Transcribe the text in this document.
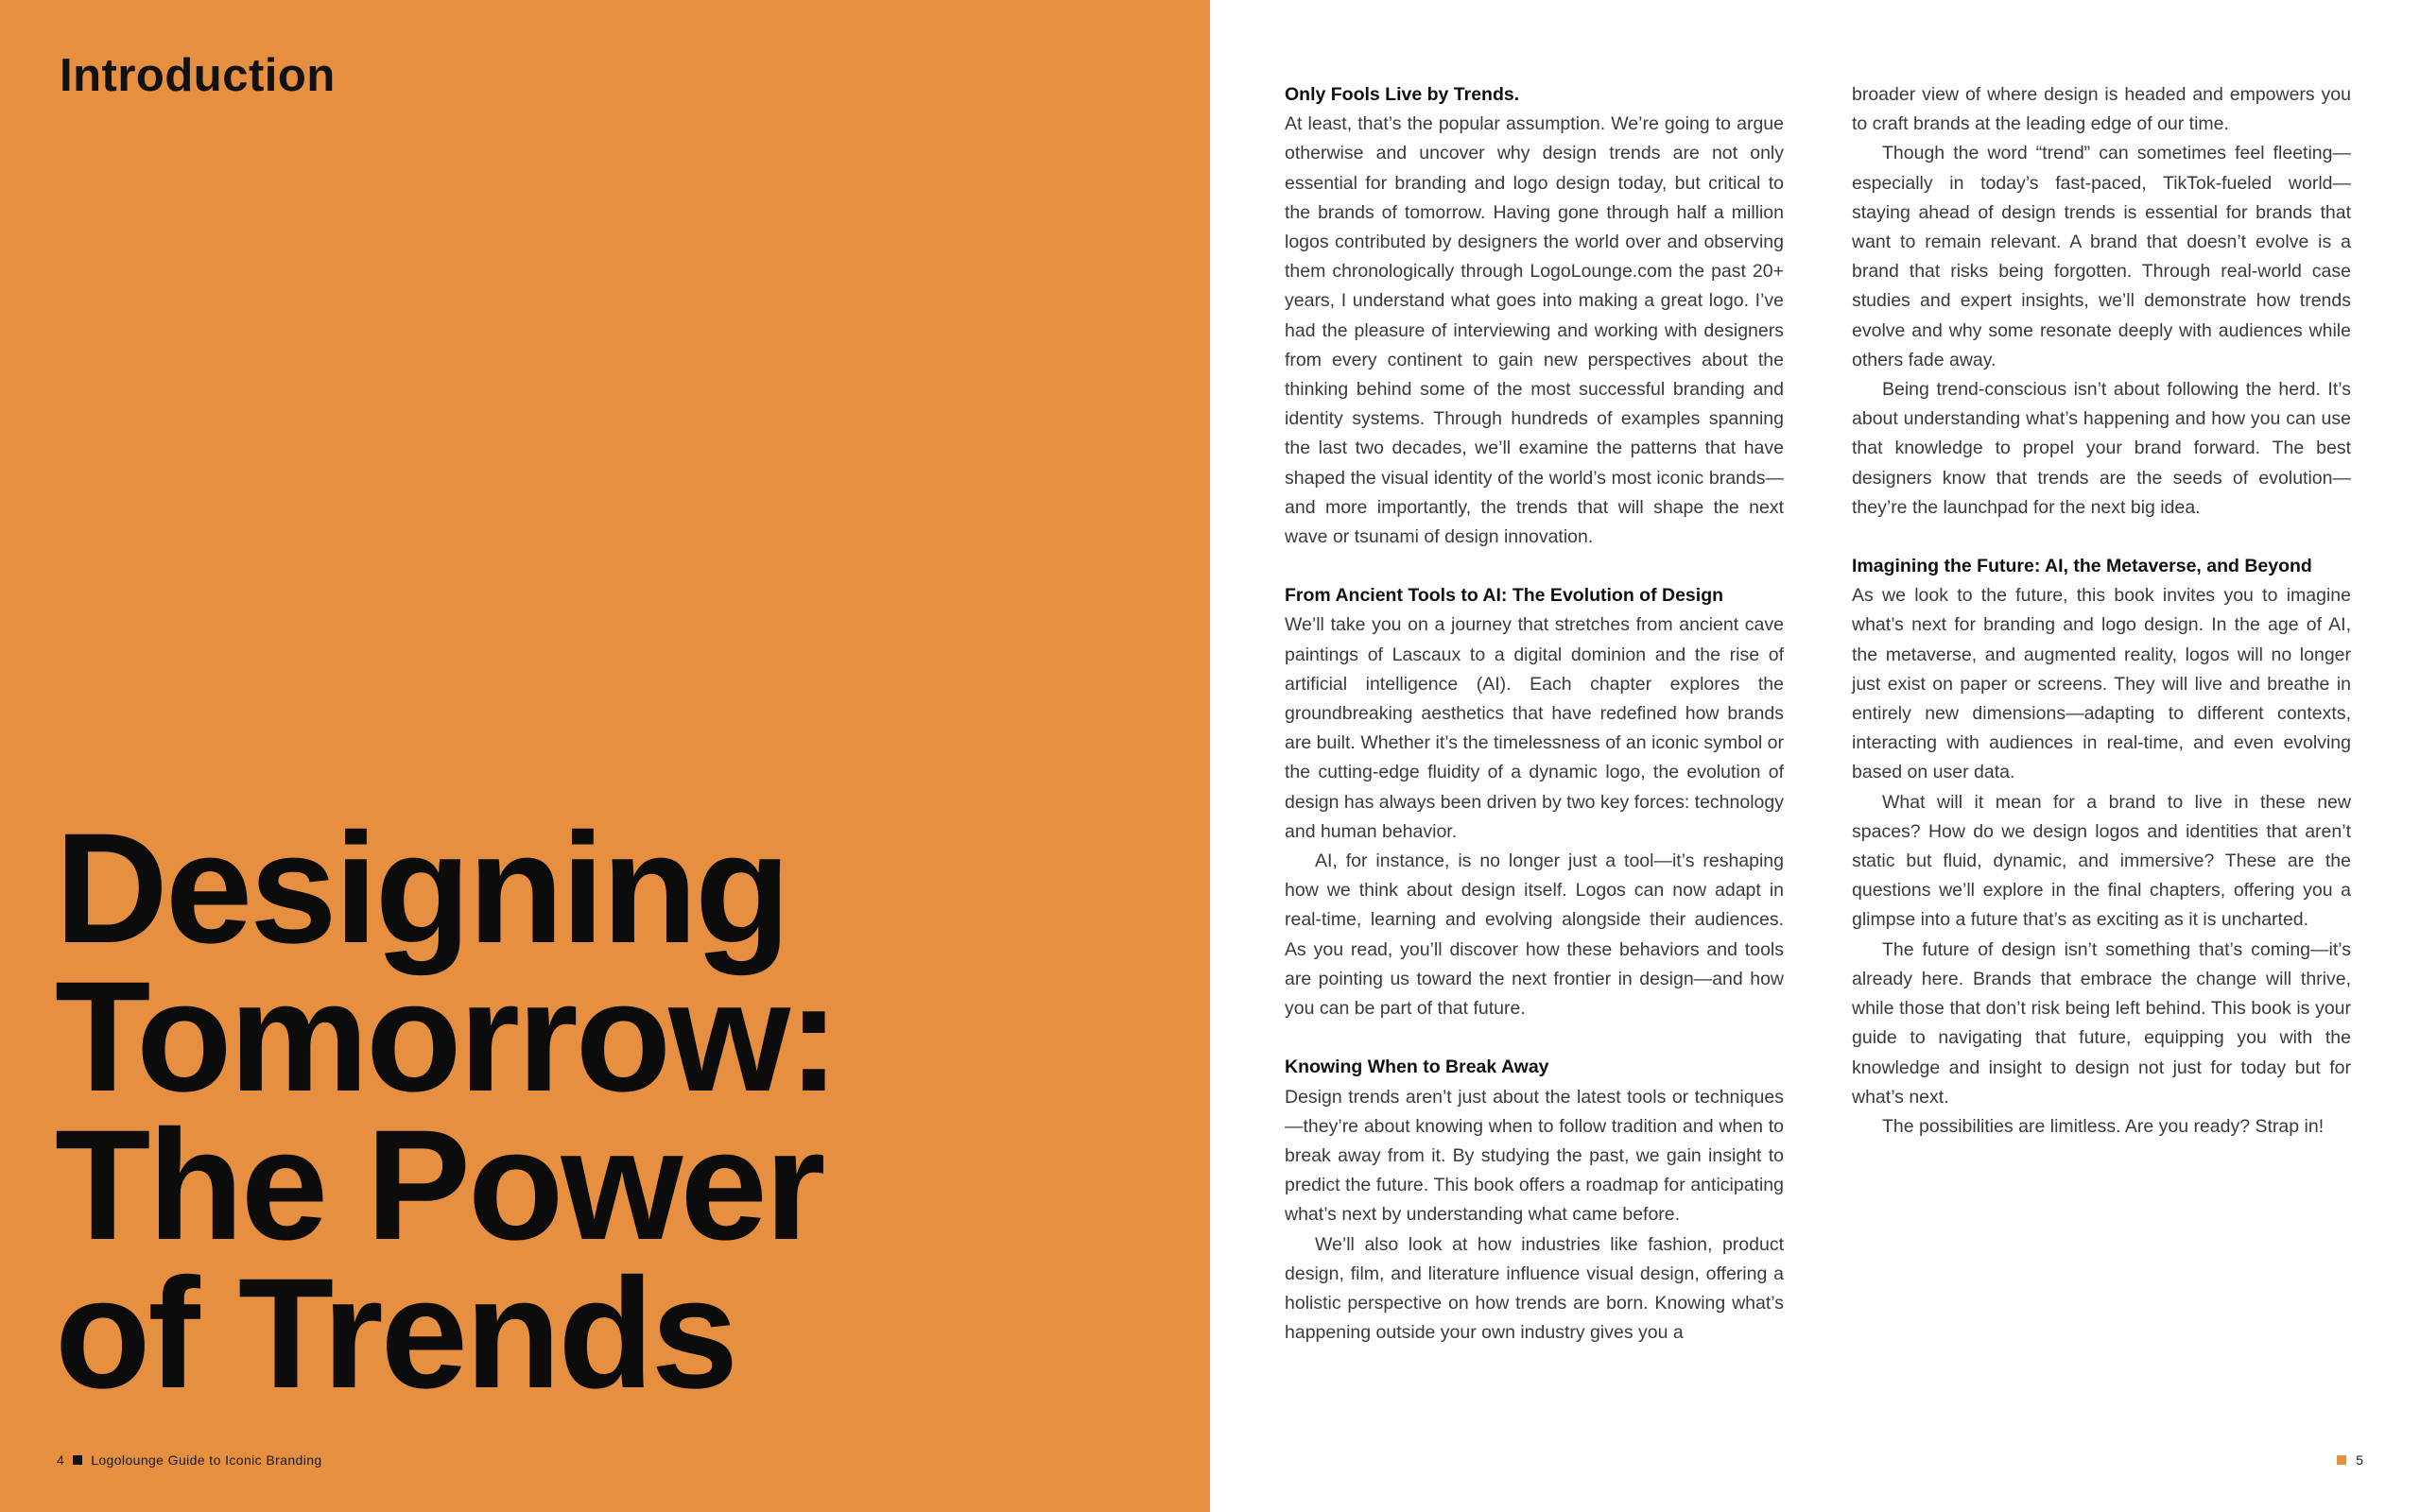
Introduction
Designing
Tomorrow:
The Power
of Trends
4 Logolounge Guide to Iconic Branding
Only Fools Live by Trends.

At least, that’s the popular assumption. We’re going to argue otherwise and uncover why design trends are not only essential for branding and logo design today, but critical to the brands of tomorrow. Having gone through half a million logos contributed by designers the world over and observing them chronologically through LogoLounge.com the past 20+ years, I understand what goes into making a great logo. I’ve had the pleasure of interviewing and working with designers from every continent to gain new perspectives about the thinking behind some of the most successful branding and identity systems. Through hundreds of examples spanning the last two decades, we’ll examine the patterns that have shaped the visual identity of the world’s most iconic brands—and more importantly, the trends that will shape the next wave or tsunami of design innovation.

From Ancient Tools to AI: The Evolution of Design

We’ll take you on a journey that stretches from ancient cave paintings of Lascaux to a digital dominion and the rise of artificial intelligence (AI). Each chapter explores the groundbreaking aesthetics that have redefined how brands are built. Whether it’s the timelessness of an iconic symbol or the cutting-edge fluidity of a dynamic logo, the evolution of design has always been driven by two key forces: technology and human behavior.

AI, for instance, is no longer just a tool—it’s reshaping how we think about design itself. Logos can now adapt in real-time, learning and evolving alongside their audiences. As you read, you’ll discover how these behaviors and tools are pointing us toward the next frontier in design—and how you can be part of that future.

Knowing When to Break Away

Design trends aren’t just about the latest tools or techniques—they’re about knowing when to follow tradition and when to break away from it. By studying the past, we gain insight to predict the future. This book offers a roadmap for anticipating what’s next by understanding what came before.

We’ll also look at how industries like fashion, product design, film, and literature influence visual design, offering a holistic perspective on how trends are born. Knowing what’s happening outside your own industry gives you a

broader view of where design is headed and empowers you to craft brands at the leading edge of our time.

Though the word “trend” can sometimes feel fleeting—especially in today’s fast-paced, TikTok-fueled world—staying ahead of design trends is essential for brands that want to remain relevant. A brand that doesn’t evolve is a brand that risks being forgotten. Through real-world case studies and expert insights, we’ll demonstrate how trends evolve and why some resonate deeply with audiences while others fade away.

Being trend-conscious isn’t about following the herd. It’s about understanding what’s happening and how you can use that knowledge to propel your brand forward. The best designers know that trends are the seeds of evolution—they’re the launchpad for the next big idea.

Imagining the Future: AI, the Metaverse, and Beyond

As we look to the future, this book invites you to imagine what’s next for branding and logo design. In the age of AI, the metaverse, and augmented reality, logos will no longer just exist on paper or screens. They will live and breathe in entirely new dimensions—adapting to different contexts, interacting with audiences in real-time, and even evolving based on user data.

What will it mean for a brand to live in these new spaces? How do we design logos and identities that aren’t static but fluid, dynamic, and immersive? These are the questions we’ll explore in the final chapters, offering you a glimpse into a future that’s as exciting as it is uncharted.

The future of design isn’t something that’s coming—it’s already here. Brands that embrace the change will thrive, while those that don’t risk being left behind. This book is your guide to navigating that future, equipping you with the knowledge and insight to design not just for today but for what’s next.

The possibilities are limitless. Are you ready? Strap in!

5
